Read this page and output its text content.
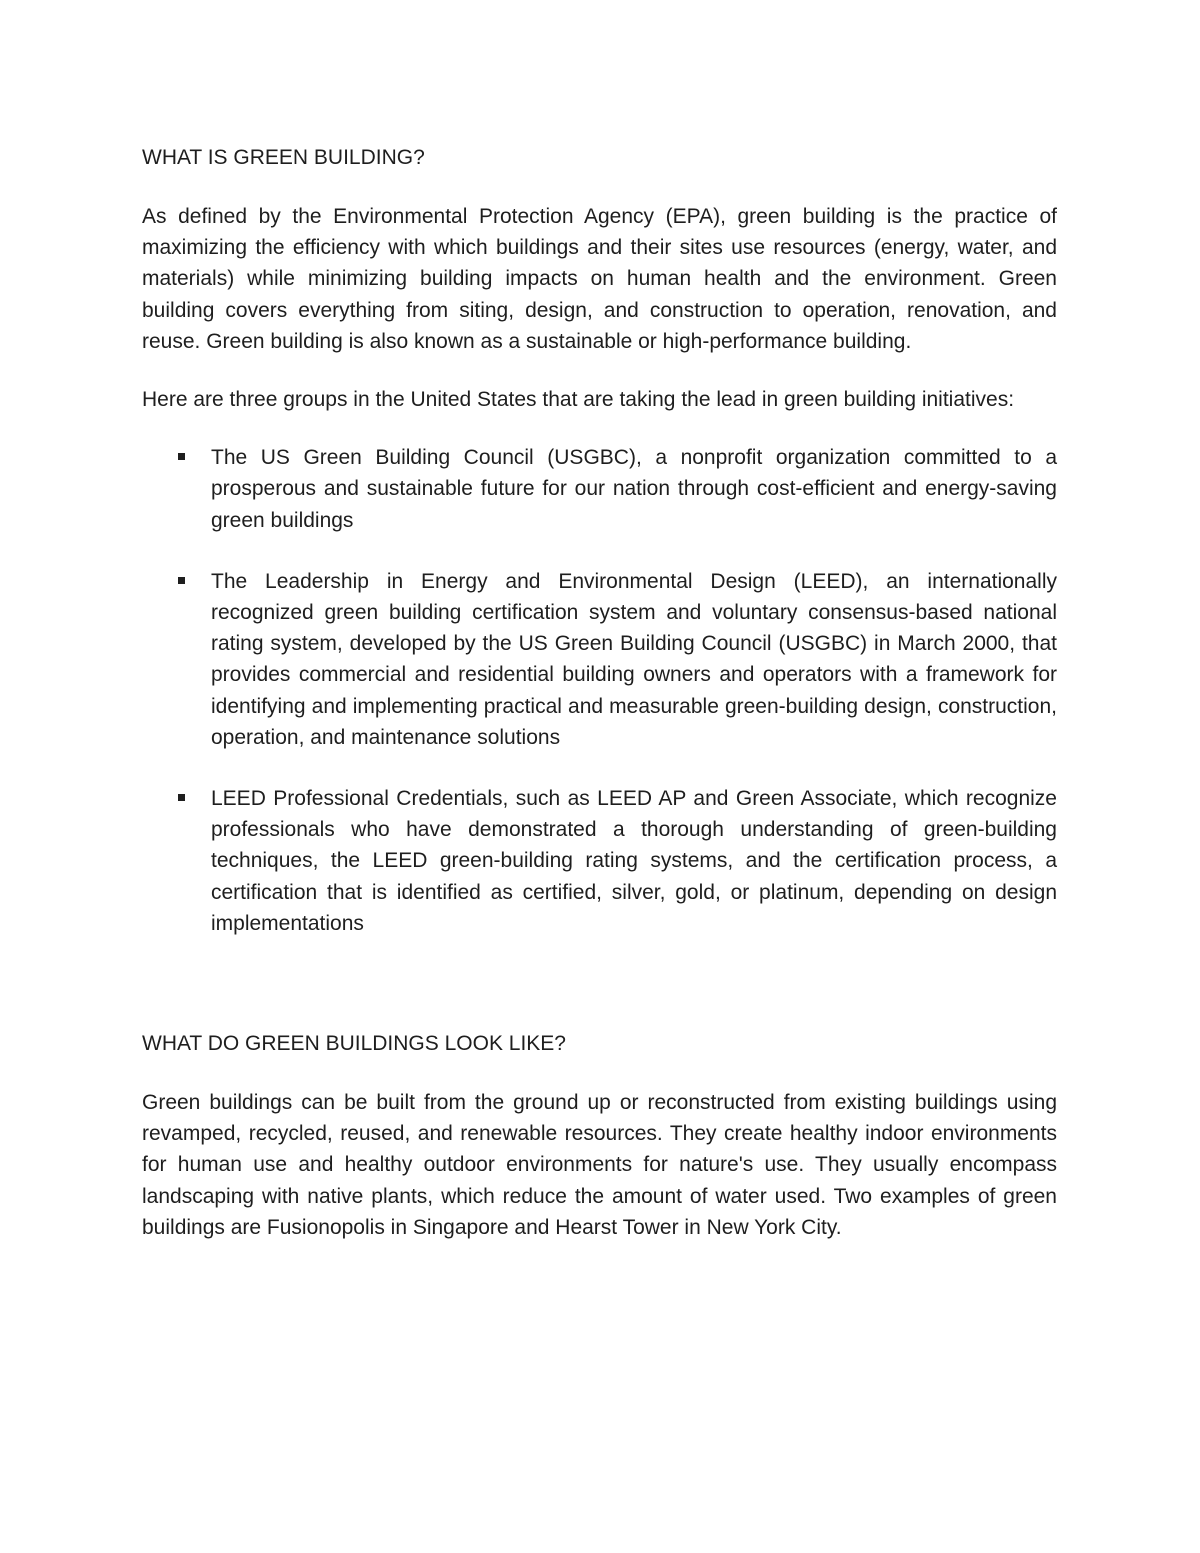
WHAT IS GREEN BUILDING?

As defined by the Environmental Protection Agency (EPA), green building is the practice of maximizing the efficiency with which buildings and their sites use resources (energy, water, and materials) while minimizing building impacts on human health and the environment. Green building covers everything from siting, design, and construction to operation, renovation, and reuse. Green building is also known as a sustainable or high-performance building.

Here are three groups in the United States that are taking the lead in green building initiatives:

The US Green Building Council (USGBC), a nonprofit organization committed to a prosperous and sustainable future for our nation through cost-efficient and energy-saving green buildings
The Leadership in Energy and Environmental Design (LEED), an internationally recognized green building certification system and voluntary consensus-based national rating system, developed by the US Green Building Council (USGBC) in March 2000, that provides commercial and residential building owners and operators with a framework for identifying and implementing practical and measurable green-building design, construction, operation, and maintenance solutions
LEED Professional Credentials, such as LEED AP and Green Associate, which recognize professionals who have demonstrated a thorough understanding of green-building techniques, the LEED green-building rating systems, and the certification process, a certification that is identified as certified, silver, gold, or platinum, depending on design implementations
WHAT DO GREEN BUILDINGS LOOK LIKE?

Green buildings can be built from the ground up or reconstructed from existing buildings using revamped, recycled, reused, and renewable resources. They create healthy indoor environments for human use and healthy outdoor environments for nature's use. They usually encompass landscaping with native plants, which reduce the amount of water used. Two examples of green buildings are Fusionopolis in Singapore and Hearst Tower in New York City.
